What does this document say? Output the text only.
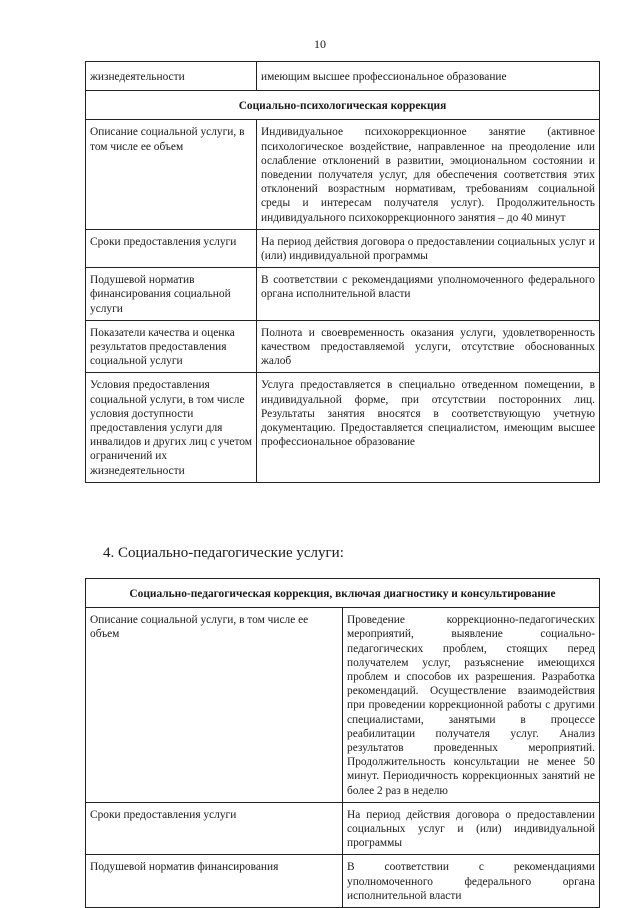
10
жизнедеятельности	имеющим высшее профессиональное образование
Социально-психологическая коррекция	
Описание социальной услуги, в том числе ее объем	Индивидуальное психокоррекционное занятие (активное психологическое воздействие, направленное на преодоление или ослабление отклонений в развитии, эмоциональном состоянии и поведении получателя услуг, для обеспечения соответствия этих отклонений возрастным нормативам, требованиям социальной среды и интересам получателя услуг). Продолжительность индивидуального психокоррекционного занятия – до 40 минут
Сроки предоставления услуги	На период действия договора о предоставлении социальных услуг и (или) индивидуальной программы
Подушевой норматив финансирования социальной услуги	В соответствии с рекомендациями уполномоченного федерального органа исполнительной власти
Показатели качества и оценка результатов предоставления социальной услуги	Полнота и своевременность оказания услуги, удовлетворенность качеством предоставляемой услуги, отсутствие обоснованных жалоб
Условия предоставления социальной услуги, в том числе условия доступности предоставления услуги для инвалидов и других лиц с учетом ограничений их жизнедеятельности	Услуга предоставляется в специально отведенном помещении, в индивидуальной форме, при отсутствии посторонних лиц. Результаты занятия вносятся в соответствующую учетную документацию. Предоставляется специалистом, имеющим высшее профессиональное образование
4. Социально-педагогические услуги:
Социально-педагогическая коррекция, включая диагностику и консультирование	
Описание социальной услуги, в том числе ее объем	Проведение коррекционно-педагогических мероприятий, выявление социально-педагогических проблем, стоящих перед получателем услуг, разъяснение имеющихся проблем и способов их разрешения. Разработка рекомендаций. Осуществление взаимодействия при проведении коррекционной работы с другими специалистами, занятыми в процессе реабилитации получателя услуг. Анализ результатов проведенных мероприятий. Продолжительность консультации не менее 50 минут. Периодичность коррекционных занятий не более 2 раз в неделю
Сроки предоставления услуги	На период действия договора о предоставлении социальных услуг и (или) индивидуальной программы
Подушевой норматив финансирования	В соответствии с рекомендациями уполномоченного федерального органа исполнительной власти
